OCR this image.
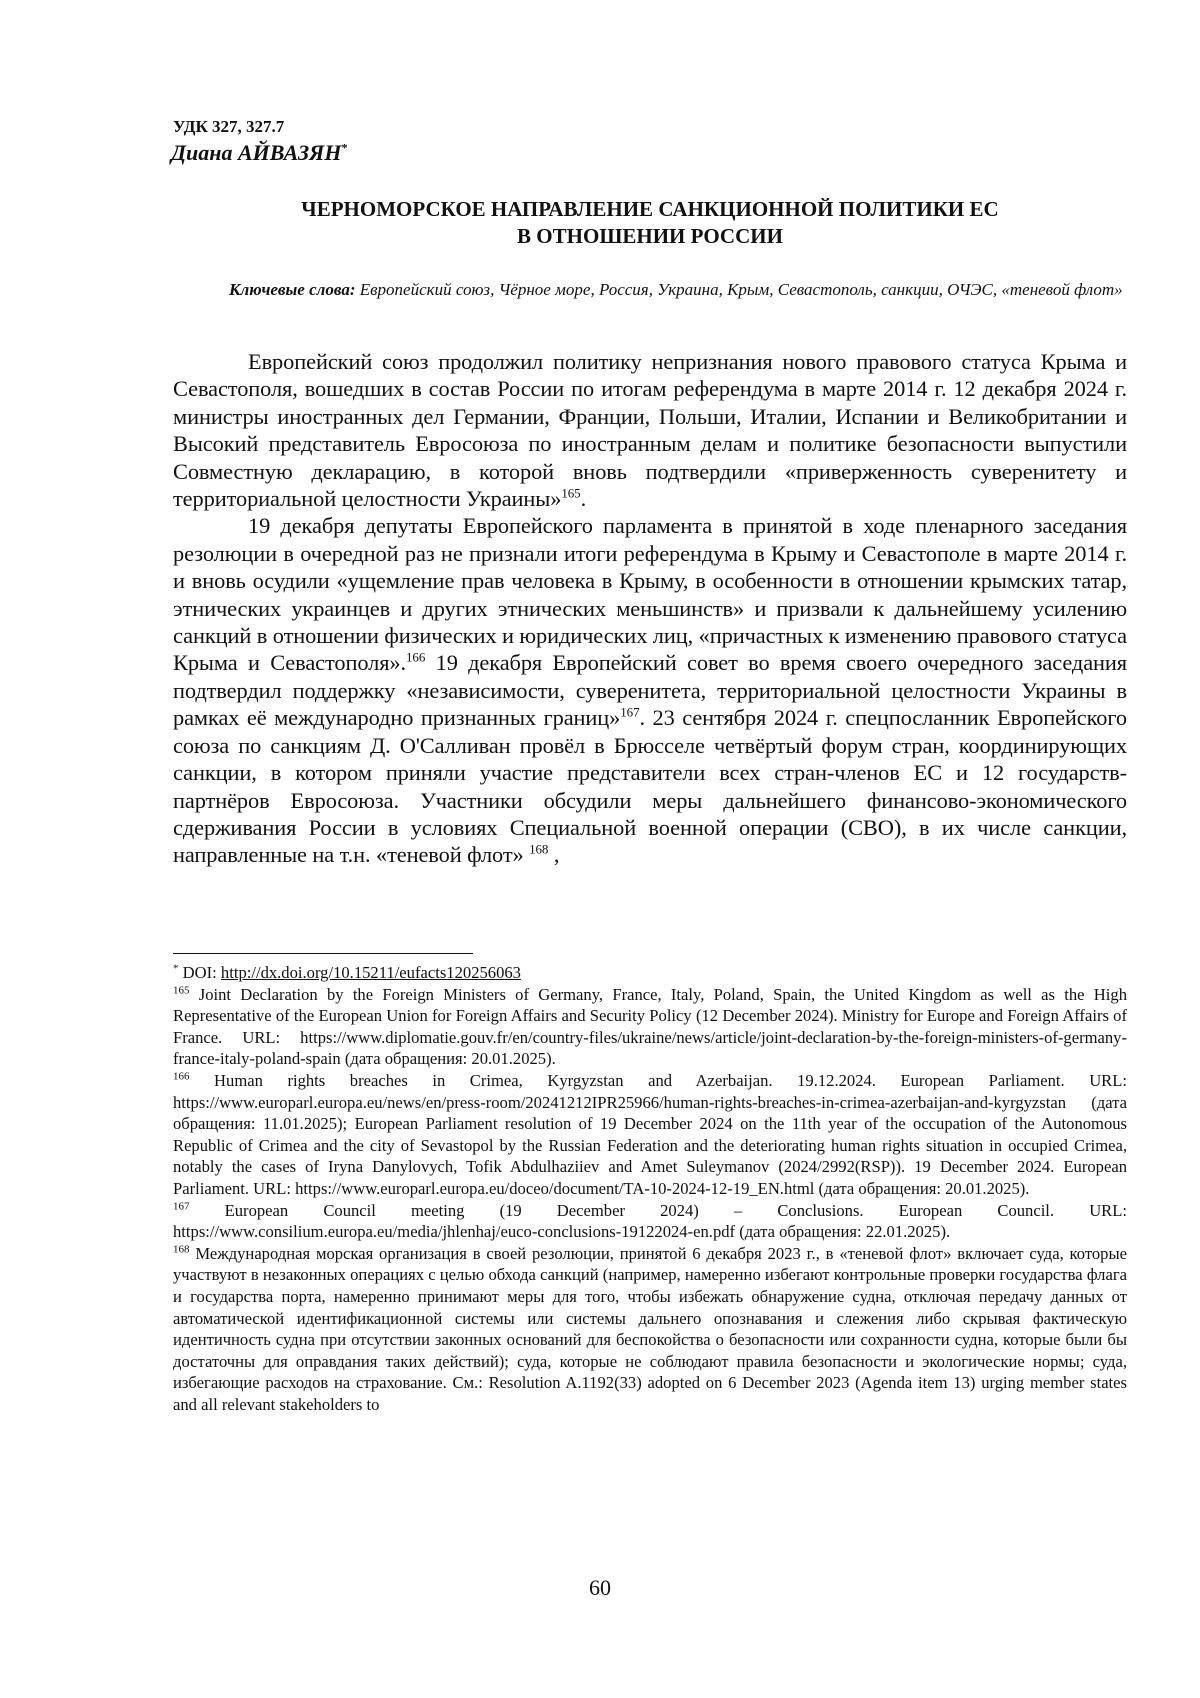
УДК 327, 327.7
Диана АЙВАЗЯН*
ЧЕРНОМОРСКОЕ НАПРАВЛЕНИЕ САНКЦИОННОЙ ПОЛИТИКИ ЕС
В ОТНОШЕНИИ РОССИИ
Ключевые слова: Европейский союз, Чёрное море, Россия, Украина, Крым, Севастополь, санкции, ОЧЭС, «теневой флот»

Европейский союз продолжил политику непризнания нового правового статуса Крыма и Севастополя, вошедших в состав России по итогам референдума в марте 2014 г. 12 декабря 2024 г. министры иностранных дел Германии, Франции, Польши, Италии, Испании и Великобритании и Высокий представитель Евросоюза по иностранным делам и политике безопасности выпустили Совместную декларацию, в которой вновь подтвердили «приверженность суверенитету и территориальной целостности Украины»$^{165}$.

19 декабря депутаты Европейского парламента в принятой в ходе пленарного заседания резолюции в очередной раз не признали итоги референдума в Крыму и Севастополе в марте 2014 г. и вновь осудили «ущемление прав человека в Крыму, в особенности в отношении крымских татар, этнических украинцев и других этнических меньшинств» и призвали к дальнейшему усилению санкций в отношении физических и юридических лиц, «причастных к изменению правового статуса Крыма и Севастополя».$^{166}$ 19 декабря Европейский совет во время своего очередного заседания подтвердил поддержку «независимости, суверенитета, территориальной целостности Украины в рамках её международно признанных границ»$^{167}$. 23 сентября 2024 г. спецпосланник Европейского союза по санкциям Д. О'Салливан провёл в Брюсселе четвёртый форум стран, координирующих санкции, в котором приняли участие представители всех стран-членов ЕС и 12 государств-партнёров Евросоюза. Участники обсудили меры дальнейшего финансово-экономического сдерживания России в условиях Специальной военной операции (СВО), в их числе санкции, направленные на т.н. «теневой флот» $^{168}$ ,

* DOI: http://dx.doi.org/10.15211/eufacts120256063

$^{165}$ Joint Declaration by the Foreign Ministers of Germany, France, Italy, Poland, Spain, the United Kingdom as well as the High Representative of the European Union for Foreign Affairs and Security Policy (12 December 2024). Ministry for Europe and Foreign Affairs of France. URL: https://www.diplomatie.gouv.fr/en/country-files/ukraine/news/article/joint-declaration-by-the-foreign-ministers-of-germany-france-italy-poland-spain (дата обращения: 20.01.2025).

$^{166}$ Human rights breaches in Crimea, Kyrgyzstan and Azerbaijan. 19.12.2024. European Parliament. URL: https://www.europarl.europa.eu/news/en/press-room/20241212IPR25966/human-rights-breaches-in-crimea-azerbaijan-and-kyrgyzstan (дата обращения: 11.01.2025); European Parliament resolution of 19 December 2024 on the 11th year of the occupation of the Autonomous Republic of Crimea and the city of Sevastopol by the Russian Federation and the deteriorating human rights situation in occupied Crimea, notably the cases of Iryna Danylovych, Tofik Abdulhaziiev and Amet Suleymanov (2024/2992(RSP)). 19 December 2024. European Parliament. URL: https://www.europarl.europa.eu/doceo/document/TA-10-2024-12-19_EN.html (дата обращения: 20.01.2025).

$^{167}$ European Council meeting (19 December 2024) – Conclusions. European Council. URL: https://www.consilium.europa.eu/media/jhlenhaj/euco-conclusions-19122024-en.pdf (дата обращения: 22.01.2025).

$^{168}$ Международная морская организация в своей резолюции, принятой 6 декабря 2023 г., в «теневой флот» включает суда, которые участвуют в незаконных операциях с целью обхода санкций (например, намеренно избегают контрольные проверки государства флага и государства порта, намеренно принимают меры для того, чтобы избежать обнаружение судна, отключая передачу данных от автоматической идентификационной системы или системы дальнего опознавания и слежения либо скрывая фактическую идентичность судна при отсутствии законных оснований для беспокойства о безопасности или сохранности судна, которые были бы достаточны для оправдания таких действий); суда, которые не соблюдают правила безопасности и экологические нормы; суда, избегающие расходов на страхование. См.: Resolution A.1192(33) adopted on 6 December 2023 (Agenda item 13) urging member states and all relevant stakeholders to

60
